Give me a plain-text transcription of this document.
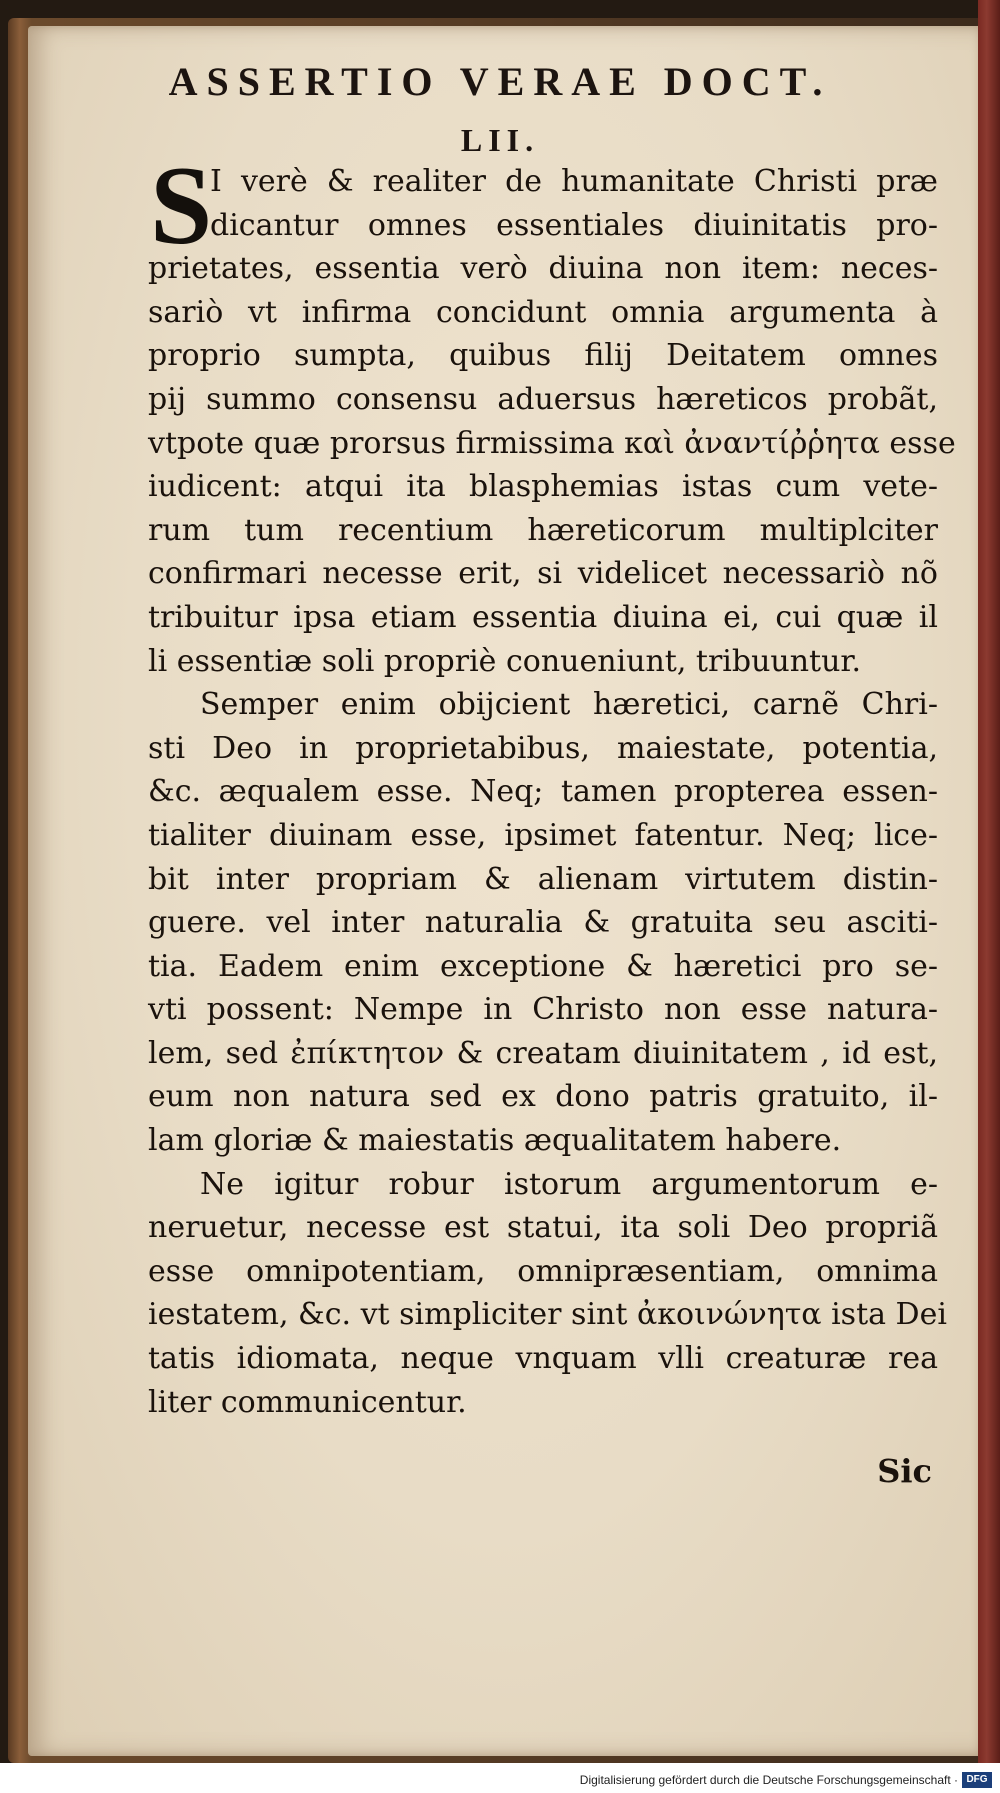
ASSERTIO VERAE DOCT.
LII.
S
I verè & realiter de humanitate Christi præ
dicantur omnes essentiales diuinitatis pro-
prietates, essentia verò diuina non item: neces-
sariò vt infirma concidunt omnia argumenta à
proprio sumpta, quibus filij Deitatem omnes
pij summo consensu aduersus hæreticos probãt,
vtpote quæ prorsus firmissima καὶ ἀναντίῤῥητα esse
iudicent: atqui ita blasphemias istas cum vete-
rum tum recentium hæreticorum multiplciter
confirmari necesse erit, si videlicet necessariò nõ
tribuitur ipsa etiam essentia diuina ei, cui quæ il
li essentiæ soli propriè conueniunt, tribuuntur.
Semper enim obijcient hæretici, carnẽ Chri-
sti Deo in proprietabibus, maiestate, potentia,
&c. æqualem esse. Neq; tamen propterea essen-
tialiter diuinam esse, ipsimet fatentur. Neq; lice-
bit inter propriam & alienam virtutem distin-
guere. vel inter naturalia & gratuita seu asciti-
tia. Eadem enim exceptione & hæretici pro se-
vti possent: Nempe in Christo non esse natura-
lem, sed ἐπίκτητον & creatam diuinitatem , id est,
eum non natura sed ex dono patris gratuito, il-
lam gloriæ & maiestatis æqualitatem habere.
Ne igitur robur istorum argumentorum e-
neruetur, necesse est statui, ita soli Deo propriã
esse omnipotentiam, omnipræsentiam, omnima
iestatem, &c. vt simpliciter sint ἀκοινώνητα ista Dei
tatis idiomata, neque vnquam vlli creaturæ rea
liter communicentur.
Sic
Digitalisierung gefördert durch die Deutsche Forschungsgemeinschaft · DFG
